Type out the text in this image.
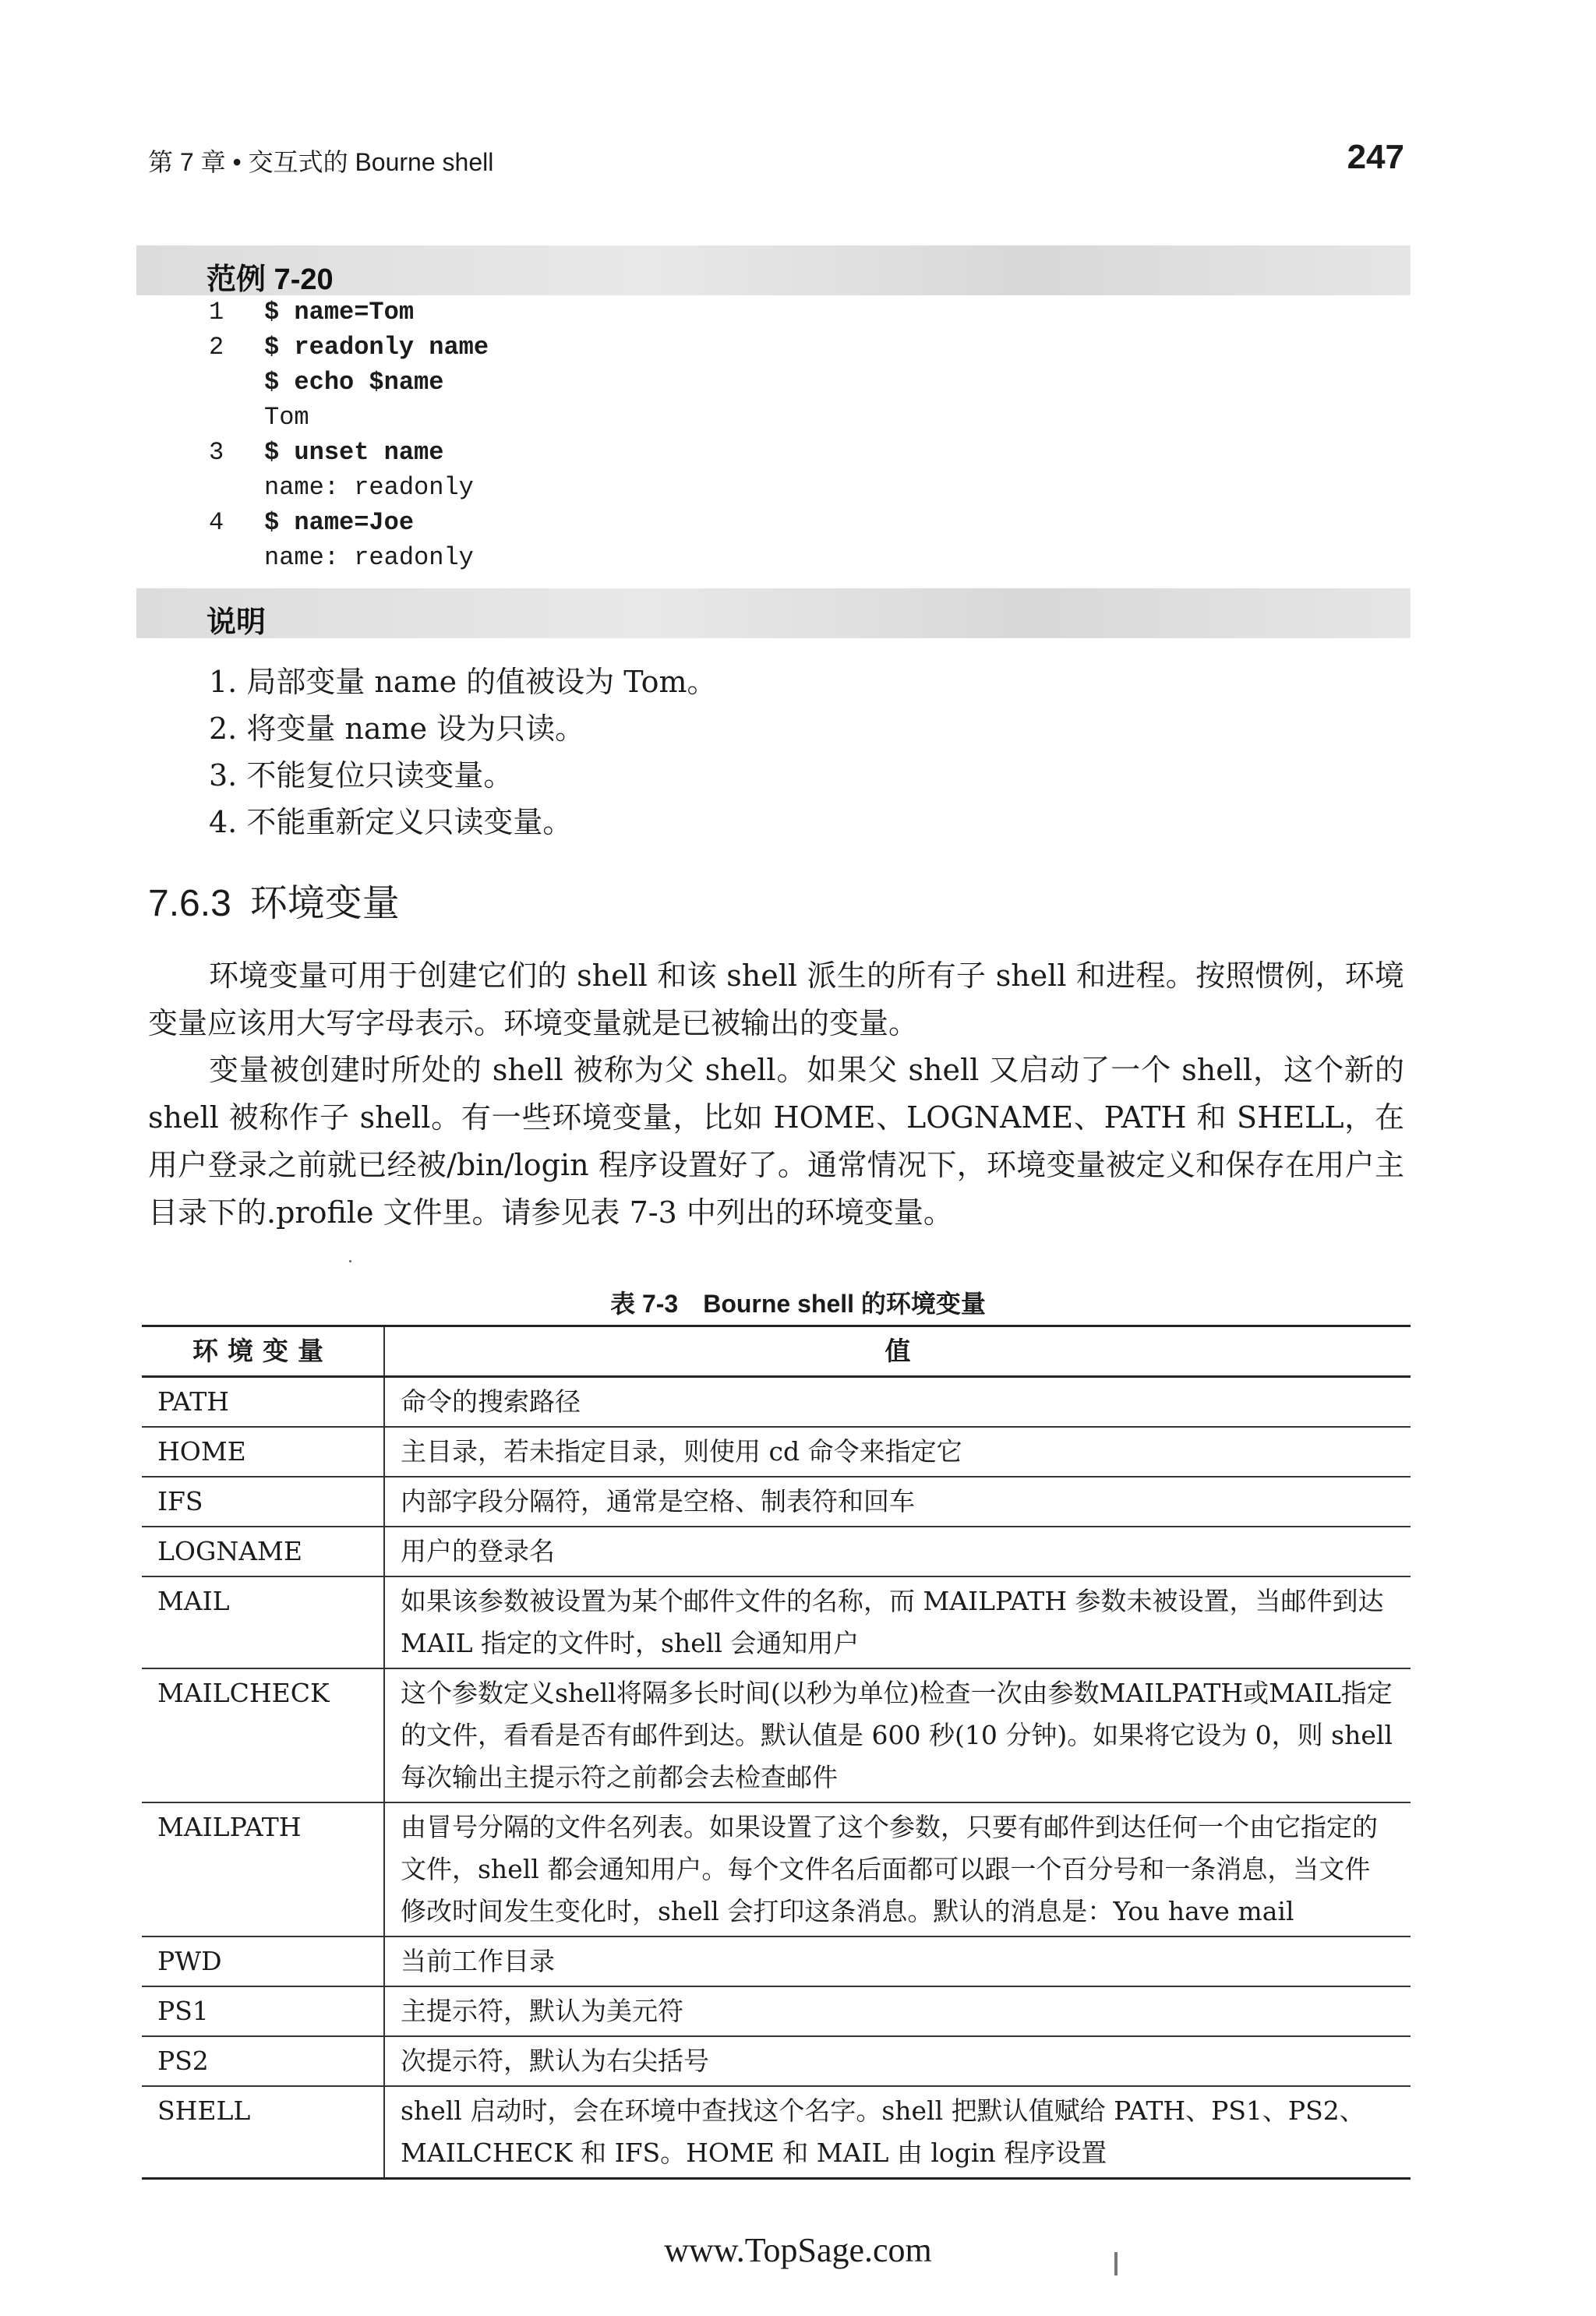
第 7 章 • 交互式的 Bourne shell	247
范例 7-20
1	$ name=Tom
2	$ readonly name
$ echo $name
Tom
3	$ unset name
name: readonly
4	$ name=Joe
name: readonly
说明
1. 局部变量 name 的值被设为 Tom。
2. 将变量 name 设为只读。
3. 不能复位只读变量。
4. 不能重新定义只读变量。
7.6.3 环境变量
环境变量可用于创建它们的 shell 和该 shell 派生的所有子 shell 和进程。按照惯例，环境变量应该用大写字母表示。环境变量就是已被输出的变量。
变量被创建时所处的 shell 被称为父 shell。如果父 shell 又启动了一个 shell，这个新的 shell 被称作子 shell。有一些环境变量，比如 HOME、LOGNAME、PATH 和 SHELL，在用户登录之前就已经被/bin/login 程序设置好了。通常情况下，环境变量被定义和保存在用户主目录下的.profile 文件里。请参见表 7-3 中列出的环境变量。
表 7-3　Bourne shell 的环境变量
环境变量	值
PATH	命令的搜索路径
HOME	主目录，若未指定目录，则使用 cd 命令来指定它
IFS	内部字段分隔符，通常是空格、制表符和回车
LOGNAME	用户的登录名
MAIL	如果该参数被设置为某个邮件文件的名称，而 MAILPATH 参数未被设置，当邮件到达 MAIL 指定的文件时，shell 会通知用户
MAILCHECK	这个参数定义shell将隔多长时间(以秒为单位)检查一次由参数MAILPATH或MAIL指定的文件，看看是否有邮件到达。默认值是 600 秒(10 分钟)。如果将它设为 0，则 shell 每次输出主提示符之前都会去检查邮件
MAILPATH	由冒号分隔的文件名列表。如果设置了这个参数，只要有邮件到达任何一个由它指定的文件，shell 都会通知用户。每个文件名后面都可以跟一个百分号和一条消息，当文件修改时间发生变化时，shell 会打印这条消息。默认的消息是：You have mail
PWD	当前工作目录
PS1	主提示符，默认为美元符
PS2	次提示符，默认为右尖括号
SHELL	shell 启动时，会在环境中查找这个名字。shell 把默认值赋给 PATH、PS1、PS2、MAILCHECK 和 IFS。HOME 和 MAIL 由 login 程序设置
www.TopSage.com
